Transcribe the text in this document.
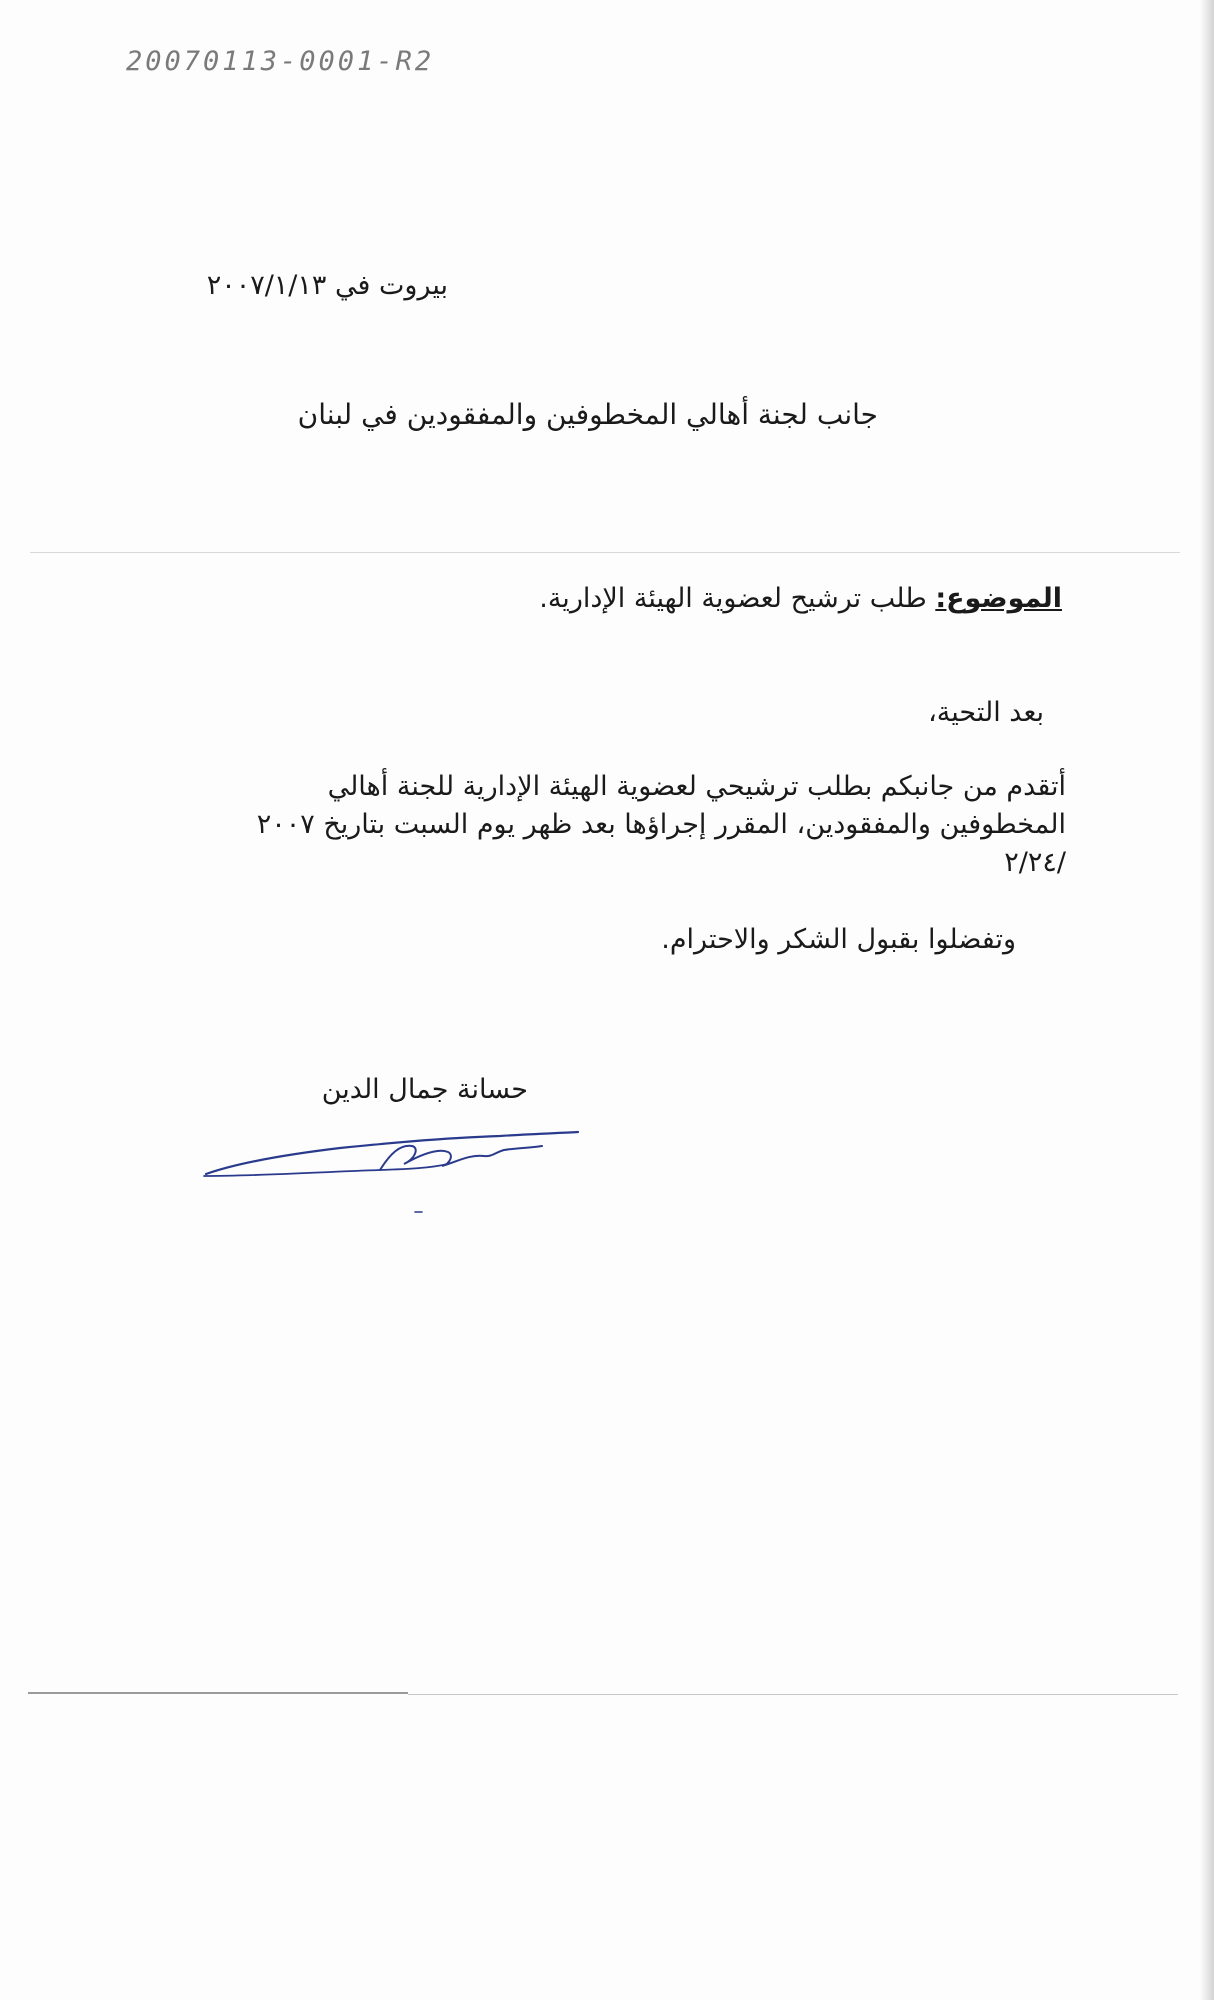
20070113-0001-R2
بيروت في ٢٠٠٧/١/١٣
جانب لجنة أهالي المخطوفين والمفقودين في لبنان
الموضوع: طلب ترشيح لعضوية الهيئة الإدارية.
بعد التحية،
أتقدم من جانبكم بطلب ترشيحي لعضوية الهيئة الإدارية للجنة أهالي المخطوفين والمفقودين، المقرر إجراؤها بعد ظهر يوم السبت بتاريخ ٢٠٠٧ /٢/٢٤
وتفضلوا بقبول الشكر والاحترام.
حسانة جمال الدين
